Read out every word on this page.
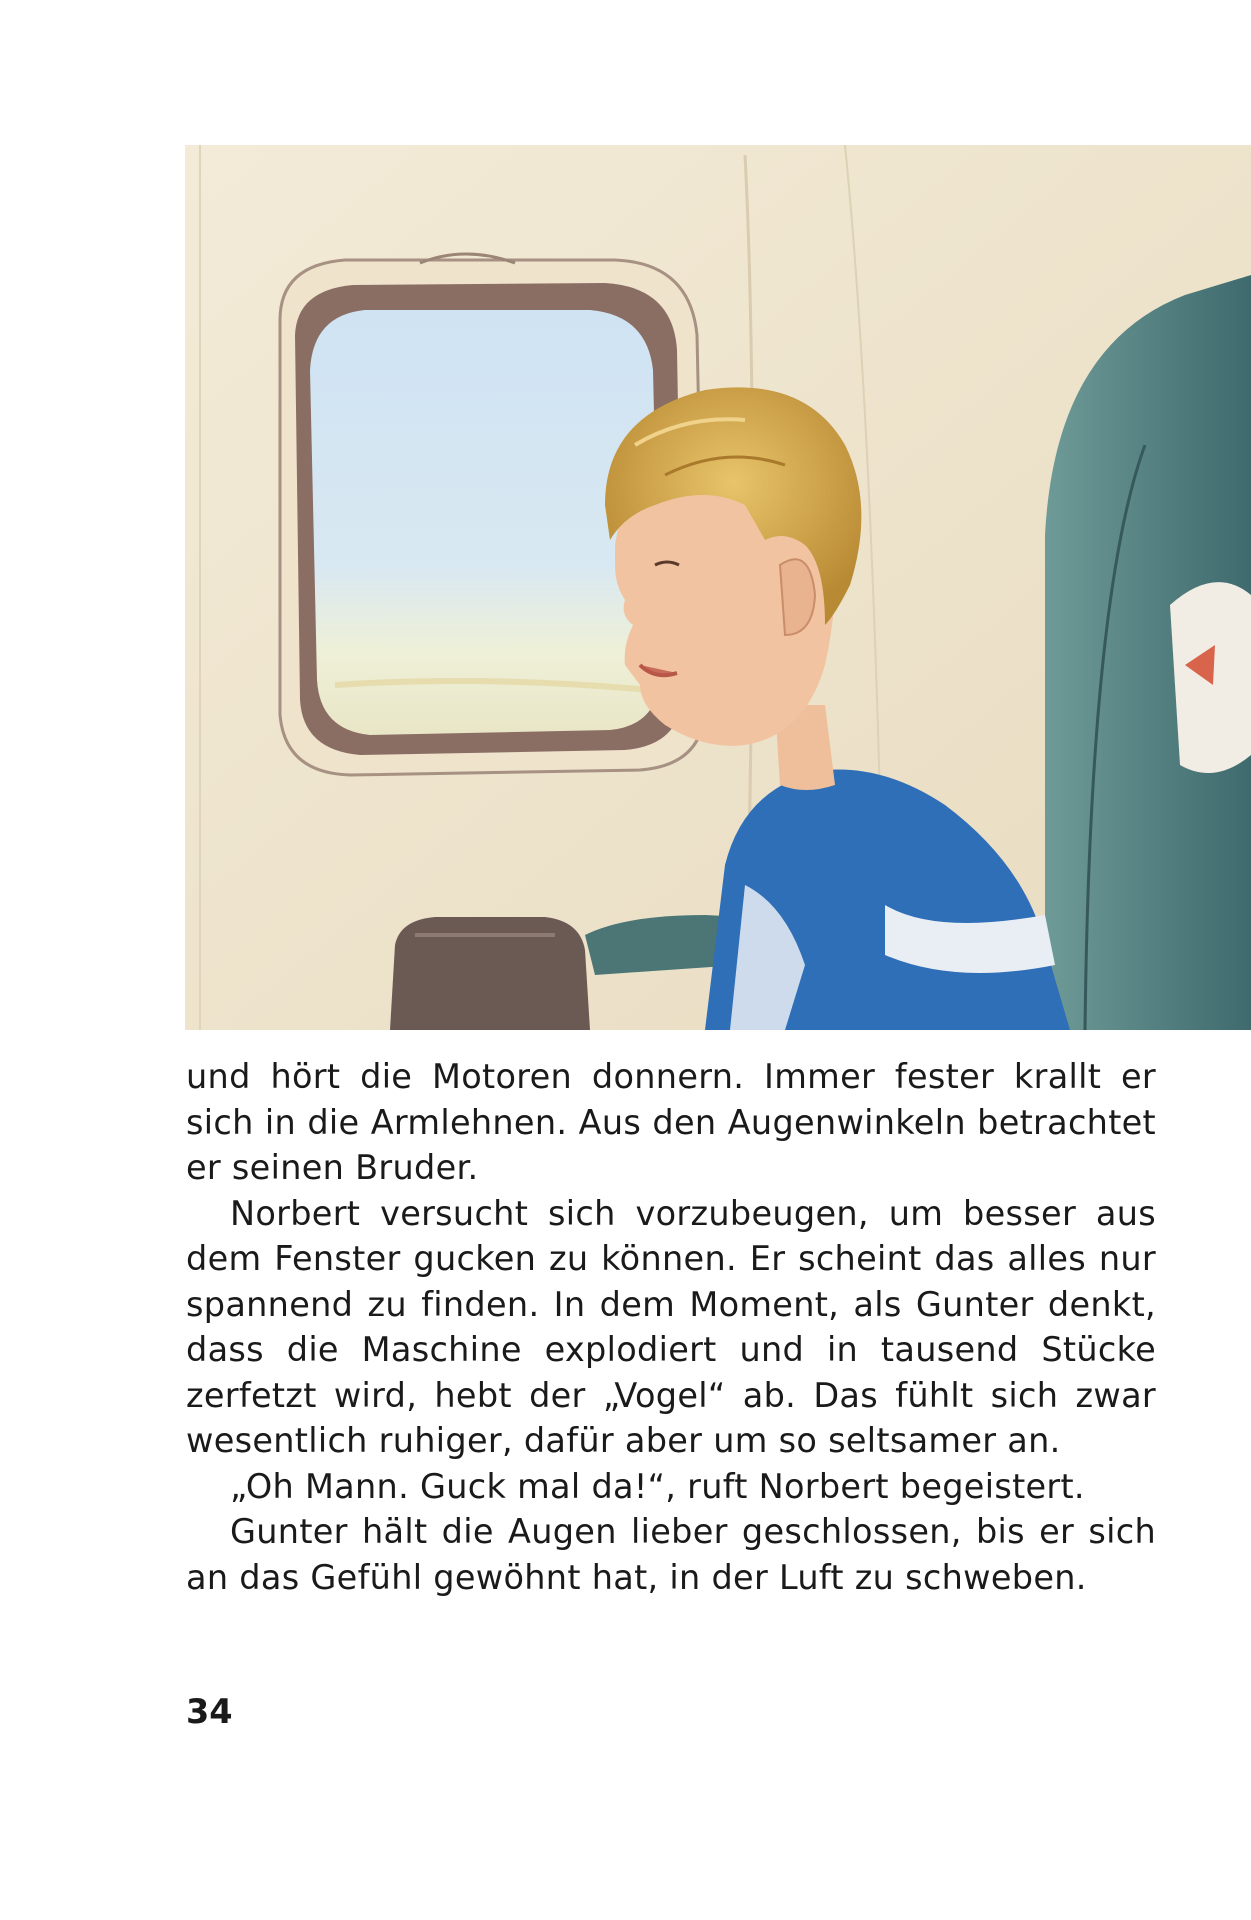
und hört die Motoren donnern. Immer fester krallt er sich in die Armlehnen. Aus den Augenwinkeln betrachtet er seinen Bruder.

Norbert versucht sich vorzubeugen, um besser aus dem Fenster gucken zu können. Er scheint das alles nur spannend zu finden. In dem Moment, als Gunter denkt, dass die Maschine explodiert und in tausend Stücke zerfetzt wird, hebt der „Vogel“ ab. Das fühlt sich zwar wesentlich ruhiger, dafür aber um so seltsamer an.

„Oh Mann. Guck mal da!“, ruft Norbert begeistert.

Gunter hält die Augen lieber geschlossen, bis er sich an das Gefühl gewöhnt hat, in der Luft zu schweben.

34
